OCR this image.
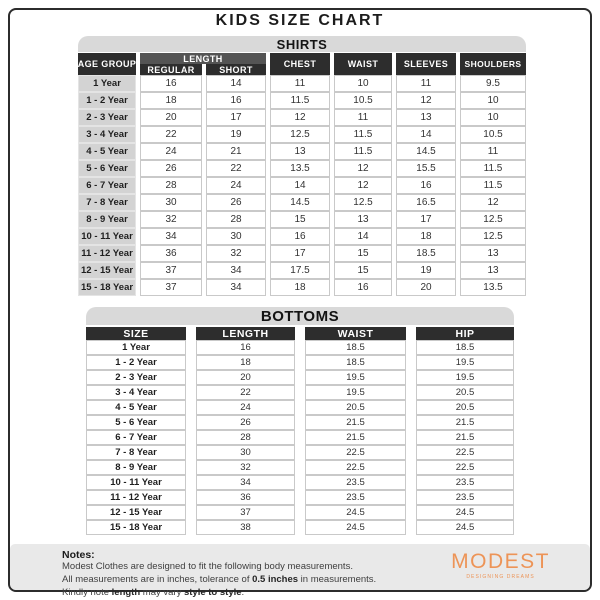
KIDS SIZE CHART
SHIRTS
AGE GROUP
LENGTH
REGULAR	SHORT
CHEST	WAIST	SLEEVES	SHOULDERS
1 Year	16	14	11	10	11	9.5
1 - 2 Year	18	16	11.5	10.5	12	10
2 - 3 Year	20	17	12	11	13	10
3 - 4 Year	22	19	12.5	11.5	14	10.5
4 - 5 Year	24	21	13	11.5	14.5	11
5 - 6 Year	26	22	13.5	12	15.5	11.5
6 - 7 Year	28	24	14	12	16	11.5
7 - 8 Year	30	26	14.5	12.5	16.5	12
8 - 9 Year	32	28	15	13	17	12.5
10 - 11 Year	34	30	16	14	18	12.5
11 - 12 Year	36	32	17	15	18.5	13
12 - 15 Year	37	34	17.5	15	19	13
15 - 18 Year	37	34	18	16	20	13.5
BOTTOMS
SIZE	LENGTH	WAIST	HIP
1 Year	16	18.5	18.5
1 - 2 Year	18	18.5	19.5
2 - 3 Year	20	19.5	19.5
3 - 4 Year	22	19.5	20.5
4 - 5 Year	24	20.5	20.5
5 - 6 Year	26	21.5	21.5
6 - 7 Year	28	21.5	21.5
7 - 8 Year	30	22.5	22.5
8 - 9 Year	32	22.5	22.5
10 - 11 Year	34	23.5	23.5
11 - 12 Year	36	23.5	23.5
12 - 15 Year	37	24.5	24.5
15 - 18 Year	38	24.5	24.5
Notes:
Modest Clothes are designed to fit the following body measurements.
All measurements are in inches, tolerance of 0.5 inches in measurements.
Kindly note length may vary style to style.
MODEST
DESIGNING DREAMS
